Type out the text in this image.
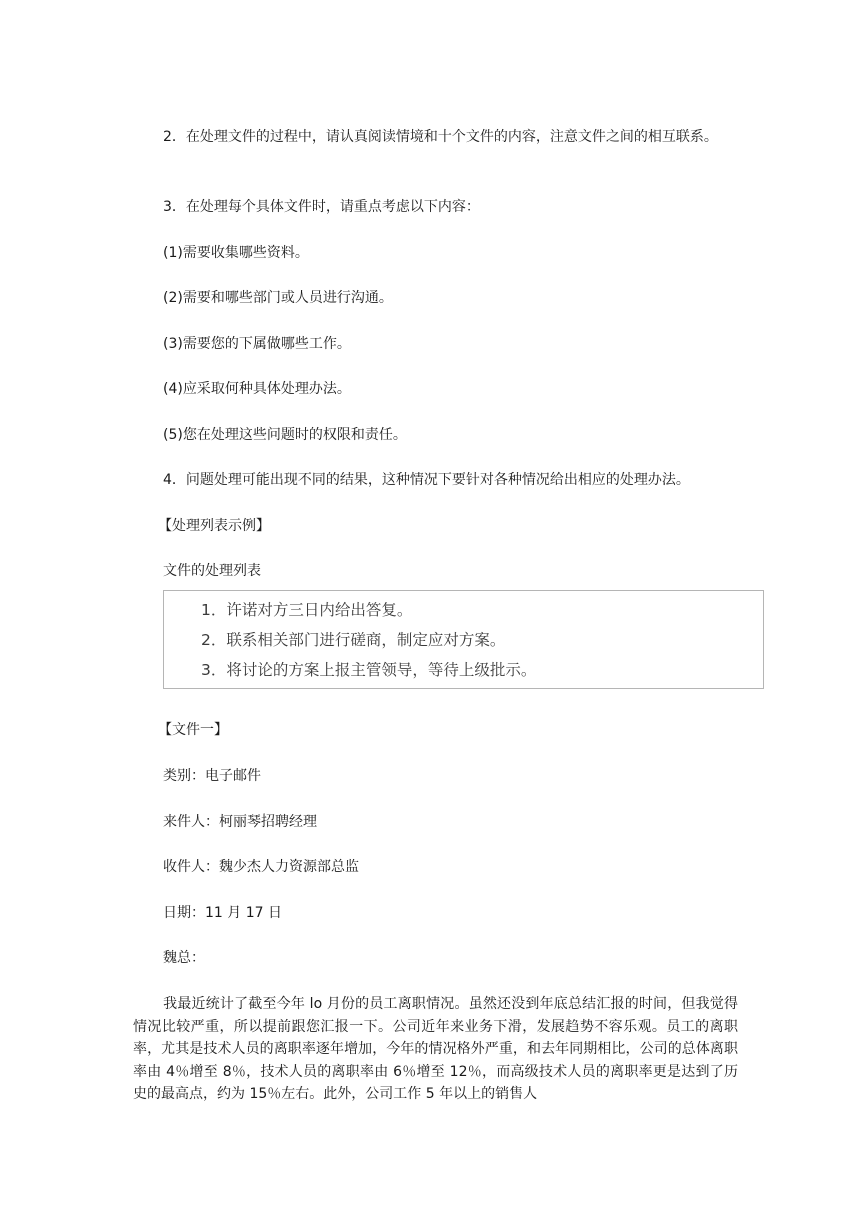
2．在处理文件的过程中，请认真阅读情境和十个文件的内容，注意文件之间的相互联系。
3．在处理每个具体文件时，请重点考虑以下内容：
(1)需要收集哪些资料。
(2)需要和哪些部门或人员进行沟通。
(3)需要您的下属做哪些工作。
(4)应采取何种具体处理办法。
(5)您在处理这些问题时的权限和责任。
4．问题处理可能出现不同的结果，这种情况下要针对各种情况给出相应的处理办法。
【处理列表示例】
文件的处理列表
1．许诺对方三日内给出答复。
2．联系相关部门进行磋商，制定应对方案。
3．将讨论的方案上报主管领导，等待上级批示。
【文件一】
类别：电子邮件
来件人：柯丽琴招聘经理
收件人：魏少杰人力资源部总监
日期：11 月 17 日
魏总：
我最近统计了截至今年 lo 月份的员工离职情况。虽然还没到年底总结汇报的时间，但我觉得情况比较严重，所以提前跟您汇报一下。公司近年来业务下滑，发展趋势不容乐观。员工的离职率，尤其是技术人员的离职率逐年增加，今年的情况格外严重，和去年同期相比，公司的总体离职率由 4％增至 8％，技术人员的离职率由 6％增至 12％，而高级技术人员的离职率更是达到了历史的最高点，约为 15％左右。此外，公司工作 5 年以上的销售人
